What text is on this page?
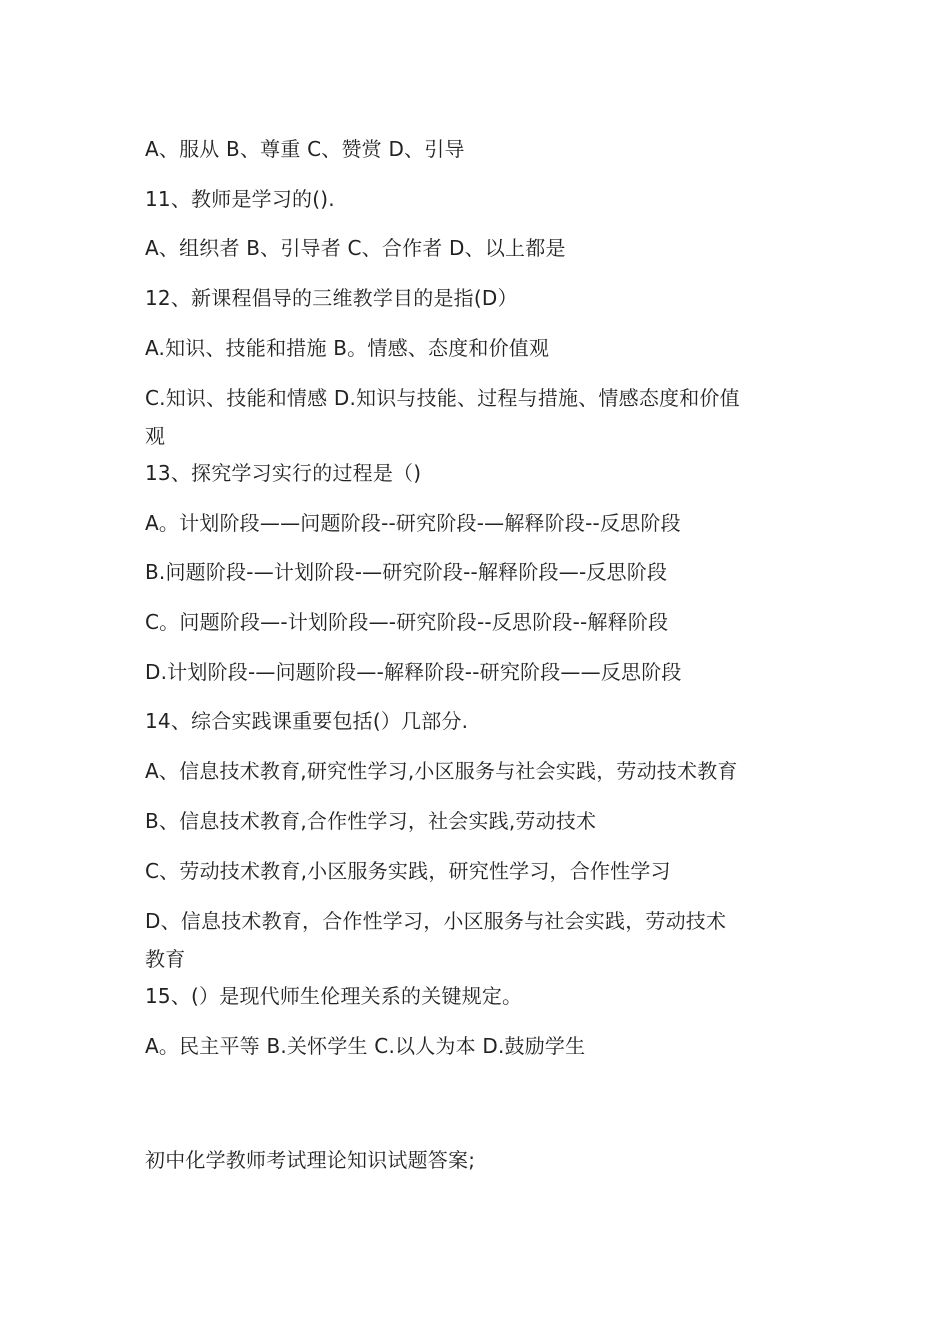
A、服从 B、尊重 C、赞赏 D、引导
11、教师是学习的().
A、组织者 B、引导者 C、合作者 D、以上都是
12、新课程倡导的三维教学目的是指(D）
A.知识、技能和措施 B。情感、态度和价值观
C.知识、技能和情感 D.知识与技能、过程与措施、情感态度和价值
观
13、探究学习实行的过程是（)
A。计划阶段——问题阶段--研究阶段-—解释阶段--反思阶段
B.问题阶段-—计划阶段-—研究阶段--解释阶段—-反思阶段
C。问题阶段—-计划阶段—-研究阶段--反思阶段--解释阶段
D.计划阶段-—问题阶段—-解释阶段--研究阶段——反思阶段
14、综合实践课重要包括(）几部分.
A、信息技术教育,研究性学习,小区服务与社会实践，劳动技术教育
B、信息技术教育,合作性学习，社会实践,劳动技术
C、劳动技术教育,小区服务实践，研究性学习，合作性学习
D、信息技术教育，合作性学习，小区服务与社会实践，劳动技术
教育
15、(）是现代师生伦理关系的关键规定。
A。民主平等 B.关怀学生 C.以人为本 D.鼓励学生
初中化学教师考试理论知识试题答案;
